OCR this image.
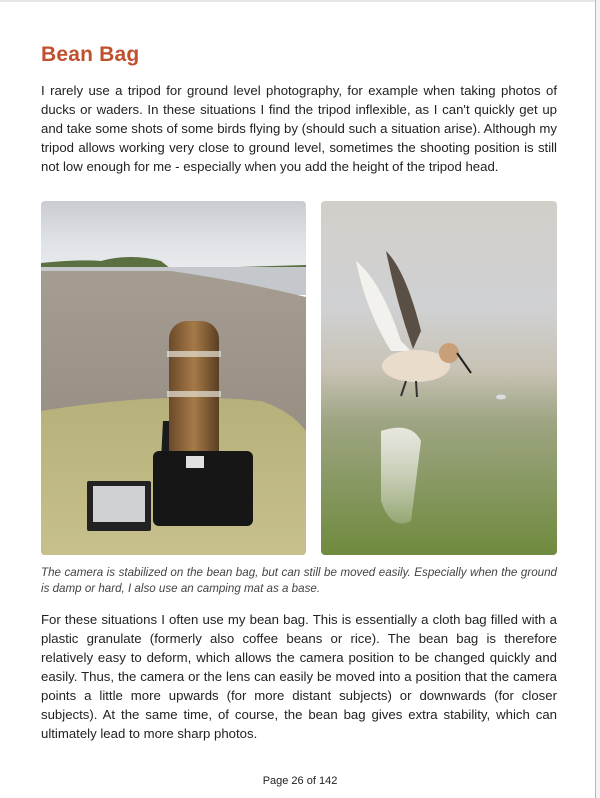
Bean Bag

I rarely use a tripod for ground level photography, for example when taking photos of ducks or waders. In these situations I find the tripod inflexible, as I can't quickly get up and take some shots of some birds flying by (should such a situation arise). Although my tripod allows working very close to ground level, sometimes the shooting position is still not low enough for me - especially when you add the height of the tripod head.

The camera is stabilized on the bean bag, but can still be moved easily. Especially when the ground is damp or hard, I also use an camping mat as a base.

For these situations I often use my bean bag. This is essentially a cloth bag filled with a plastic granulate (formerly also coffee beans or rice). The bean bag is therefore relatively easy to deform, which allows the camera position to be changed quickly and easily. Thus, the camera or the lens can easily be moved into a position that the camera points a little more upwards (for more distant subjects) or downwards (for closer subjects). At the same time, of course, the bean bag gives extra stability, which can ultimately lead to more sharp photos.

Page 26 of 142
